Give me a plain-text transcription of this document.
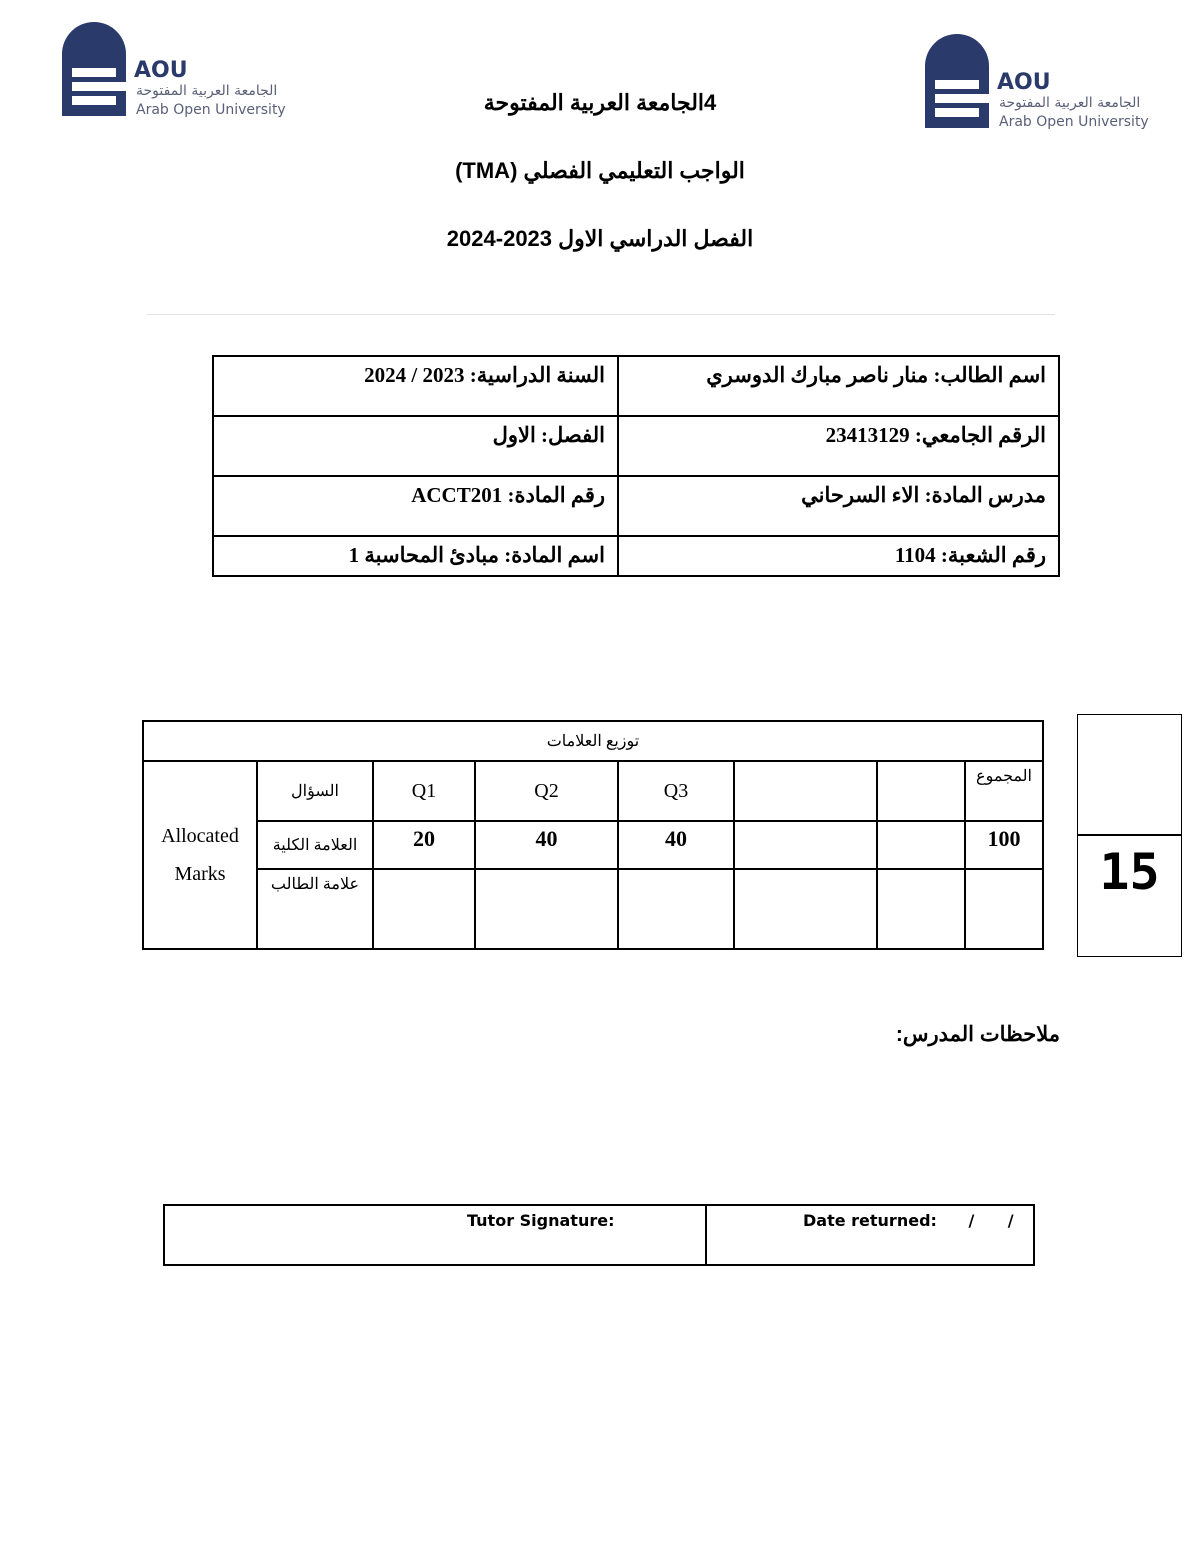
AOU
الجامعة العربية المفتوحة
Arab Open University
AOU
الجامعة العربية المفتوحة
Arab Open University
4الجامعة العربية المفتوحة
الواجب التعليمي الفصلي (TMA)
الفصل الدراسي الاول 2023-2024
اسم الطالب: منار ناصر مبارك الدوسري	السنة الدراسية: 2023 / 2024
الرقم الجامعي: 23413129	الفصل: الاول
مدرس المادة: الاء السرحاني	رقم المادة: ACCT201
رقم الشعبة: 1104	اسم المادة: مبادئ المحاسبة 1
توزيع العلامات							

Allocated
Marks	السؤال	Q1	Q2	Q3			المجموع
	العلامة الكلية	20	40	40			100
	علامة الطالب							15
ملاحظات المدرس:
Tutor Signature:	Date returned: /      /
